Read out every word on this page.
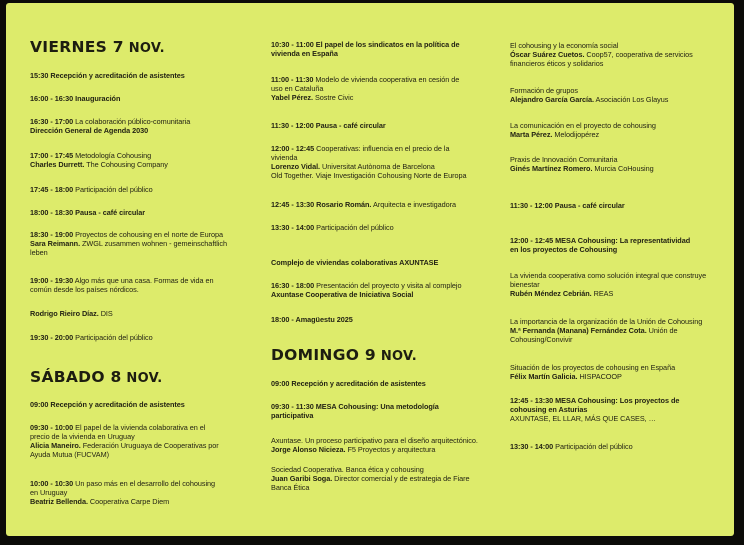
VIERNES 7 NOV.
15:30 Recepción y acreditación de asistentes
16:00 - 16:30 Inauguración
16:30 - 17:00 La colaboración público-comunitaria
Dirección General de Agenda 2030
17:00 - 17:45 Metodología Cohousing
Charles Durrett. The Cohousing Company
17:45 - 18:00 Participación del público
18:00 - 18:30 Pausa - café circular
18:30 - 19:00 Proyectos de cohousing en el norte de Europa
Sara Reimann. ZWGL zusammen wohnen - gemeinschaftlich
leben
19:00 - 19:30 Algo más que una casa. Formas de vida en
común desde los países nórdicos.
Rodrigo Rieiro Díaz. DIS
19:30 - 20:00 Participación del público
SÁBADO 8 NOV.
09:00 Recepción y acreditación de asistentes
09:30 - 10:00 El papel de la vivienda colaborativa en el
precio de la vivienda en Uruguay
Alicia Maneiro. Federación Uruguaya de Cooperativas por
Ayuda Mutua (FUCVAM)
10:00 - 10:30 Un paso más en el desarrollo del cohousing
en Uruguay
Beatriz Bellenda. Cooperativa Carpe Diem
10:30 - 11:00 El papel de los sindicatos en la política de
vivienda en España
11:00 - 11:30 Modelo de vivienda cooperativa en cesión de
uso en Cataluña
Yabel Pérez. Sostre Civic
11:30 - 12:00 Pausa - café circular
12:00 - 12:45 Cooperativas: influencia en el precio de la
vivienda
Lorenzo Vidal. Universitat Autònoma de Barcelona
Old Together. Viaje Investigación Cohousing Norte de Europa
12:45 - 13:30 Rosario Román. Arquitecta e investigadora
13:30 - 14:00 Participación del público
Complejo de viviendas colaborativas AXUNTASE
16:30 - 18:00 Presentación del proyecto y visita al complejo
Axuntase Cooperativa de Iniciativa Social
18:00 - Amagüestu 2025
DOMINGO 9 NOV.
09:00 Recepción y acreditación de asistentes
09:30 - 11:30 MESA Cohousing: Una metodología
participativa
Axuntase. Un proceso participativo para el diseño arquitectónico.
Jorge Alonso Nicieza. F5 Proyectos y arquitectura
Sociedad Cooperativa. Banca ética y cohousing
Juan Garibi Soga. Director comercial y de estrategia de Fiare
Banca Ética
El cohousing y la economía social
Óscar Suárez Cuetos. Coop57, cooperativa de servicios
financieros éticos y solidarios
Formación de grupos
Alejandro García García. Asociación Los Glayus
La comunicación en el proyecto de cohousing
Marta Pérez. Melodijopérez
Praxis de Innovación Comunitaria
Ginés Martínez Romero. Murcia CoHousing
11:30 - 12:00 Pausa - café circular
12:00 - 12:45 MESA Cohousing: La representatividad
en los proyectos de Cohousing
La vivienda cooperativa como solución integral que construye
bienestar
Rubén Méndez Cebrián. REAS
La importancia de la organización de la Unión de Cohousing
M.ª Fernanda (Manana) Fernández Cota. Unión de
Cohousing/Convivir
Situación de los proyectos de cohousing en España
Félix Martín Galicia. HISPACOOP
12:45 - 13:30 MESA Cohousing: Los proyectos de
cohousing en Asturias
AXUNTASE, EL LLAR, MÁS QUE CASES, …
13:30 - 14:00 Participación del público
